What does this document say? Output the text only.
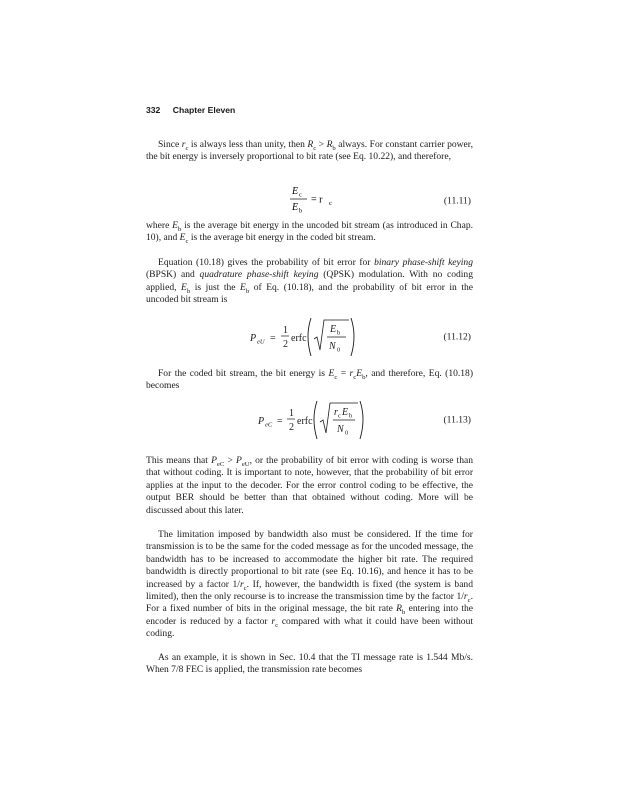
332 Chapter Eleven
Since $r_c$ is always less than unity, then $R_c > R_b$ always. For constant carrier power, the bit energy is inversely proportional to bit rate (see Eq. 10.22), and therefore,
E c
E b
= r c	(11.11)
where $E_b$ is the average bit energy in the uncoded bit stream (as introduced in Chap. 10), and $E_c$ is the average bit energy in the coded bit stream.
Equation (10.18) gives the probability of bit error for binary phase-shift keying (BPSK) and quadrature phase-shift keying (QPSK) modulation. With no coding applied, $E_b$ is just the $E_b$ of Eq. (10.18), and the probability of bit error in the uncoded bit stream is
P eU =
1
2
erfc
E b
N 0
(11.12)
For the coded bit stream, the bit energy is $E_c = r_cE_b$, and therefore, Eq. (10.18) becomes
P eC =
1
2
erfc
r c E b
N 0
(11.13)
This means that $P_{eC} > P_{eU}$, or the probability of bit error with coding is worse than that without coding. It is important to note, however, that the probability of bit error applies at the input to the decoder. For the error control coding to be effective, the output BER should be better than that obtained without coding. More will be discussed about this later.
The limitation imposed by bandwidth also must be considered. If the time for transmission is to be the same for the coded message as for the uncoded message, the bandwidth has to be increased to accommodate the higher bit rate. The required bandwidth is directly proportional to bit rate (see Eq. 10.16), and hence it has to be increased by a factor $1/r_c$. If, however, the bandwidth is fixed (the system is band limited), then the only recourse is to increase the transmission time by the factor $1/r_c$. For a fixed number of bits in the original message, the bit rate $R_b$ entering into the encoder is reduced by a factor $r_c$ compared with what it could have been without coding.
As an example, it is shown in Sec. 10.4 that the TI message rate is 1.544 Mb/s. When 7/8 FEC is applied, the transmission rate becomes
